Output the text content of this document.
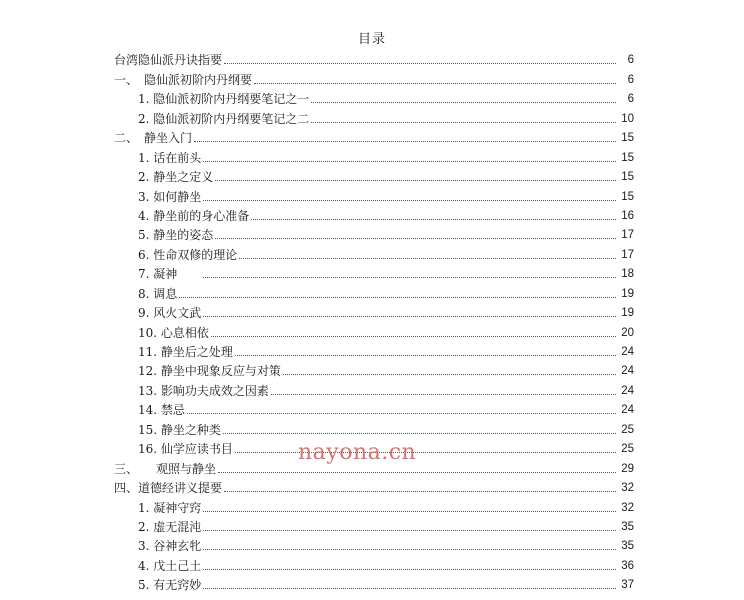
目录
台湾隐仙派丹诀指要	6
一、　隐仙派初阶内丹纲要	6
1. 隐仙派初阶内丹纲要笔记之一	6
2. 隐仙派初阶内丹纲要笔记之二	10
二、　静坐入门	15
1. 话在前头	15
2. 静坐之定义	15
3. 如何静坐	15
4. 静坐前的身心准备	16
5. 静坐的姿态	17
6. 性命双修的理论	17
7. 凝神　　	18
8. 调息	19
9. 风火文武	19
10. 心息相依	20
11. 静坐后之处理	24
12. 静坐中现象反应与对策	24
13. 影响功夫成效之因素	24
14. 禁忌	24
15. 静坐之种类	25
16. 仙学应读书目	25
三、　　观照与静坐	29
四、道德经讲义提要	32
1. 凝神守窍	32
2. 虚无混沌	35
3. 谷神玄牝	35
4. 戊土己土	36
5. 有无窍妙	37
nayona.cn
